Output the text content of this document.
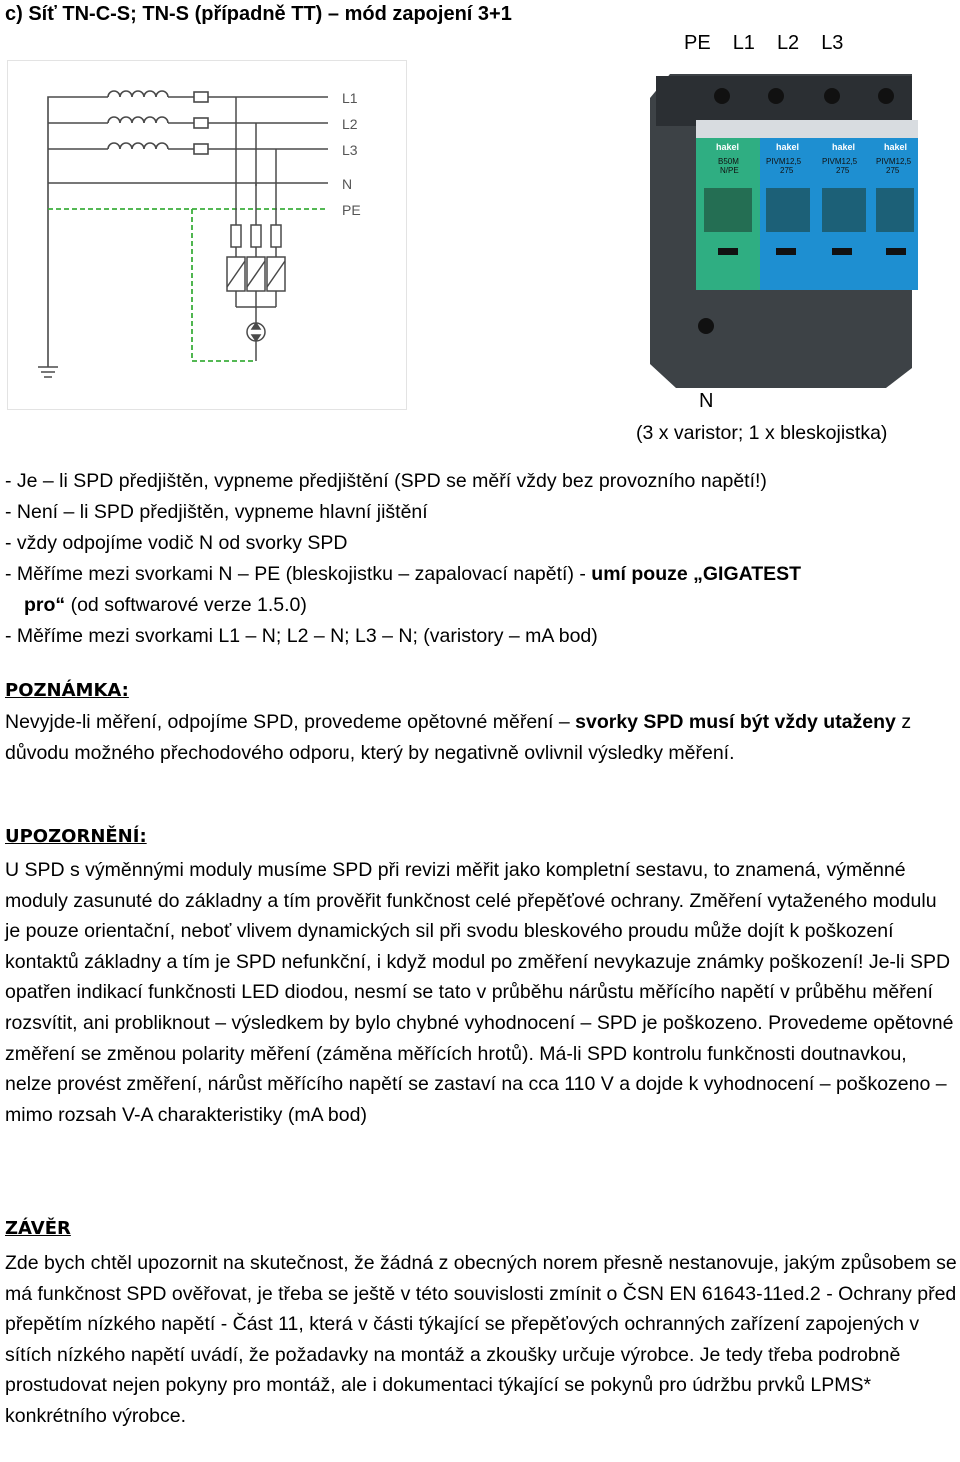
c) Síť TN-C-S; TN-S (případně TT) – mód zapojení 3+1
PE L1 L2 L3
L1
L2
L3
N
PE
hakel	hakel	hakel	hakel
B50M
N/PE
PIVM12,5
275
PIVM12,5
275
PIVM12,5
275
N
(3 x varistor; 1 x bleskojistka)
- Je – li SPD předjištěn, vypneme předjištění (SPD se měří vždy bez provozního napětí!)
- Není – li SPD předjištěn, vypneme hlavní jištění
- vždy odpojíme vodič N od svorky SPD
- Měříme mezi svorkami N – PE (bleskojistku – zapalovací napětí) - umí pouze „GIGATEST
pro“ (od softwarové verze 1.5.0)
- Měříme mezi svorkami L1 – N; L2 – N; L3 – N; (varistory – mA bod)
POZNÁMKA:
Nevyjde-li měření, odpojíme SPD, provedeme opětovné měření – svorky SPD musí být vždy utaženy z důvodu možného přechodového odporu, který by negativně ovlivnil výsledky měření.
UPOZORNĚNÍ:
U SPD s výměnnými moduly musíme SPD při revizi měřit jako kompletní sestavu, to znamená, výměnné moduly zasunuté do základny a tím prověřit funkčnost celé přepěťové ochrany. Změření vytaženého modulu je pouze orientační, neboť vlivem dynamických sil při svodu bleskového proudu může dojít k poškození kontaktů základny a tím je SPD nefunkční, i když modul po změření nevykazuje známky poškození! Je-li SPD opatřen indikací funkčnosti LED diodou, nesmí se tato v průběhu nárůstu měřícího napětí v průběhu měření rozsvítit, ani probliknout – výsledkem by bylo chybné vyhodnocení – SPD je poškozeno. Provedeme opětovné změření se změnou polarity měření (záměna měřících hrotů). Má-li SPD kontrolu funkčnosti doutnavkou, nelze provést změření, nárůst měřícího napětí se zastaví na cca 110 V a dojde k vyhodnocení – poškozeno – mimo rozsah V-A charakteristiky (mA bod)
ZÁVĚR
Zde bych chtěl upozornit na skutečnost, že žádná z obecných norem přesně nestanovuje, jakým způsobem se má funkčnost SPD ověřovat, je třeba se ještě v této souvislosti zmínit o ČSN EN 61643-11ed.2 - Ochrany před přepětím nízkého napětí - Část 11, která v části týkající se přepěťových ochranných zařízení zapojených v sítích nízkého napětí uvádí, že požadavky na montáž a zkoušky určuje výrobce. Je tedy třeba podrobně prostudovat nejen pokyny pro montáž, ale i dokumentaci týkající se pokynů pro údržbu prvků LPMS* konkrétního výrobce.
